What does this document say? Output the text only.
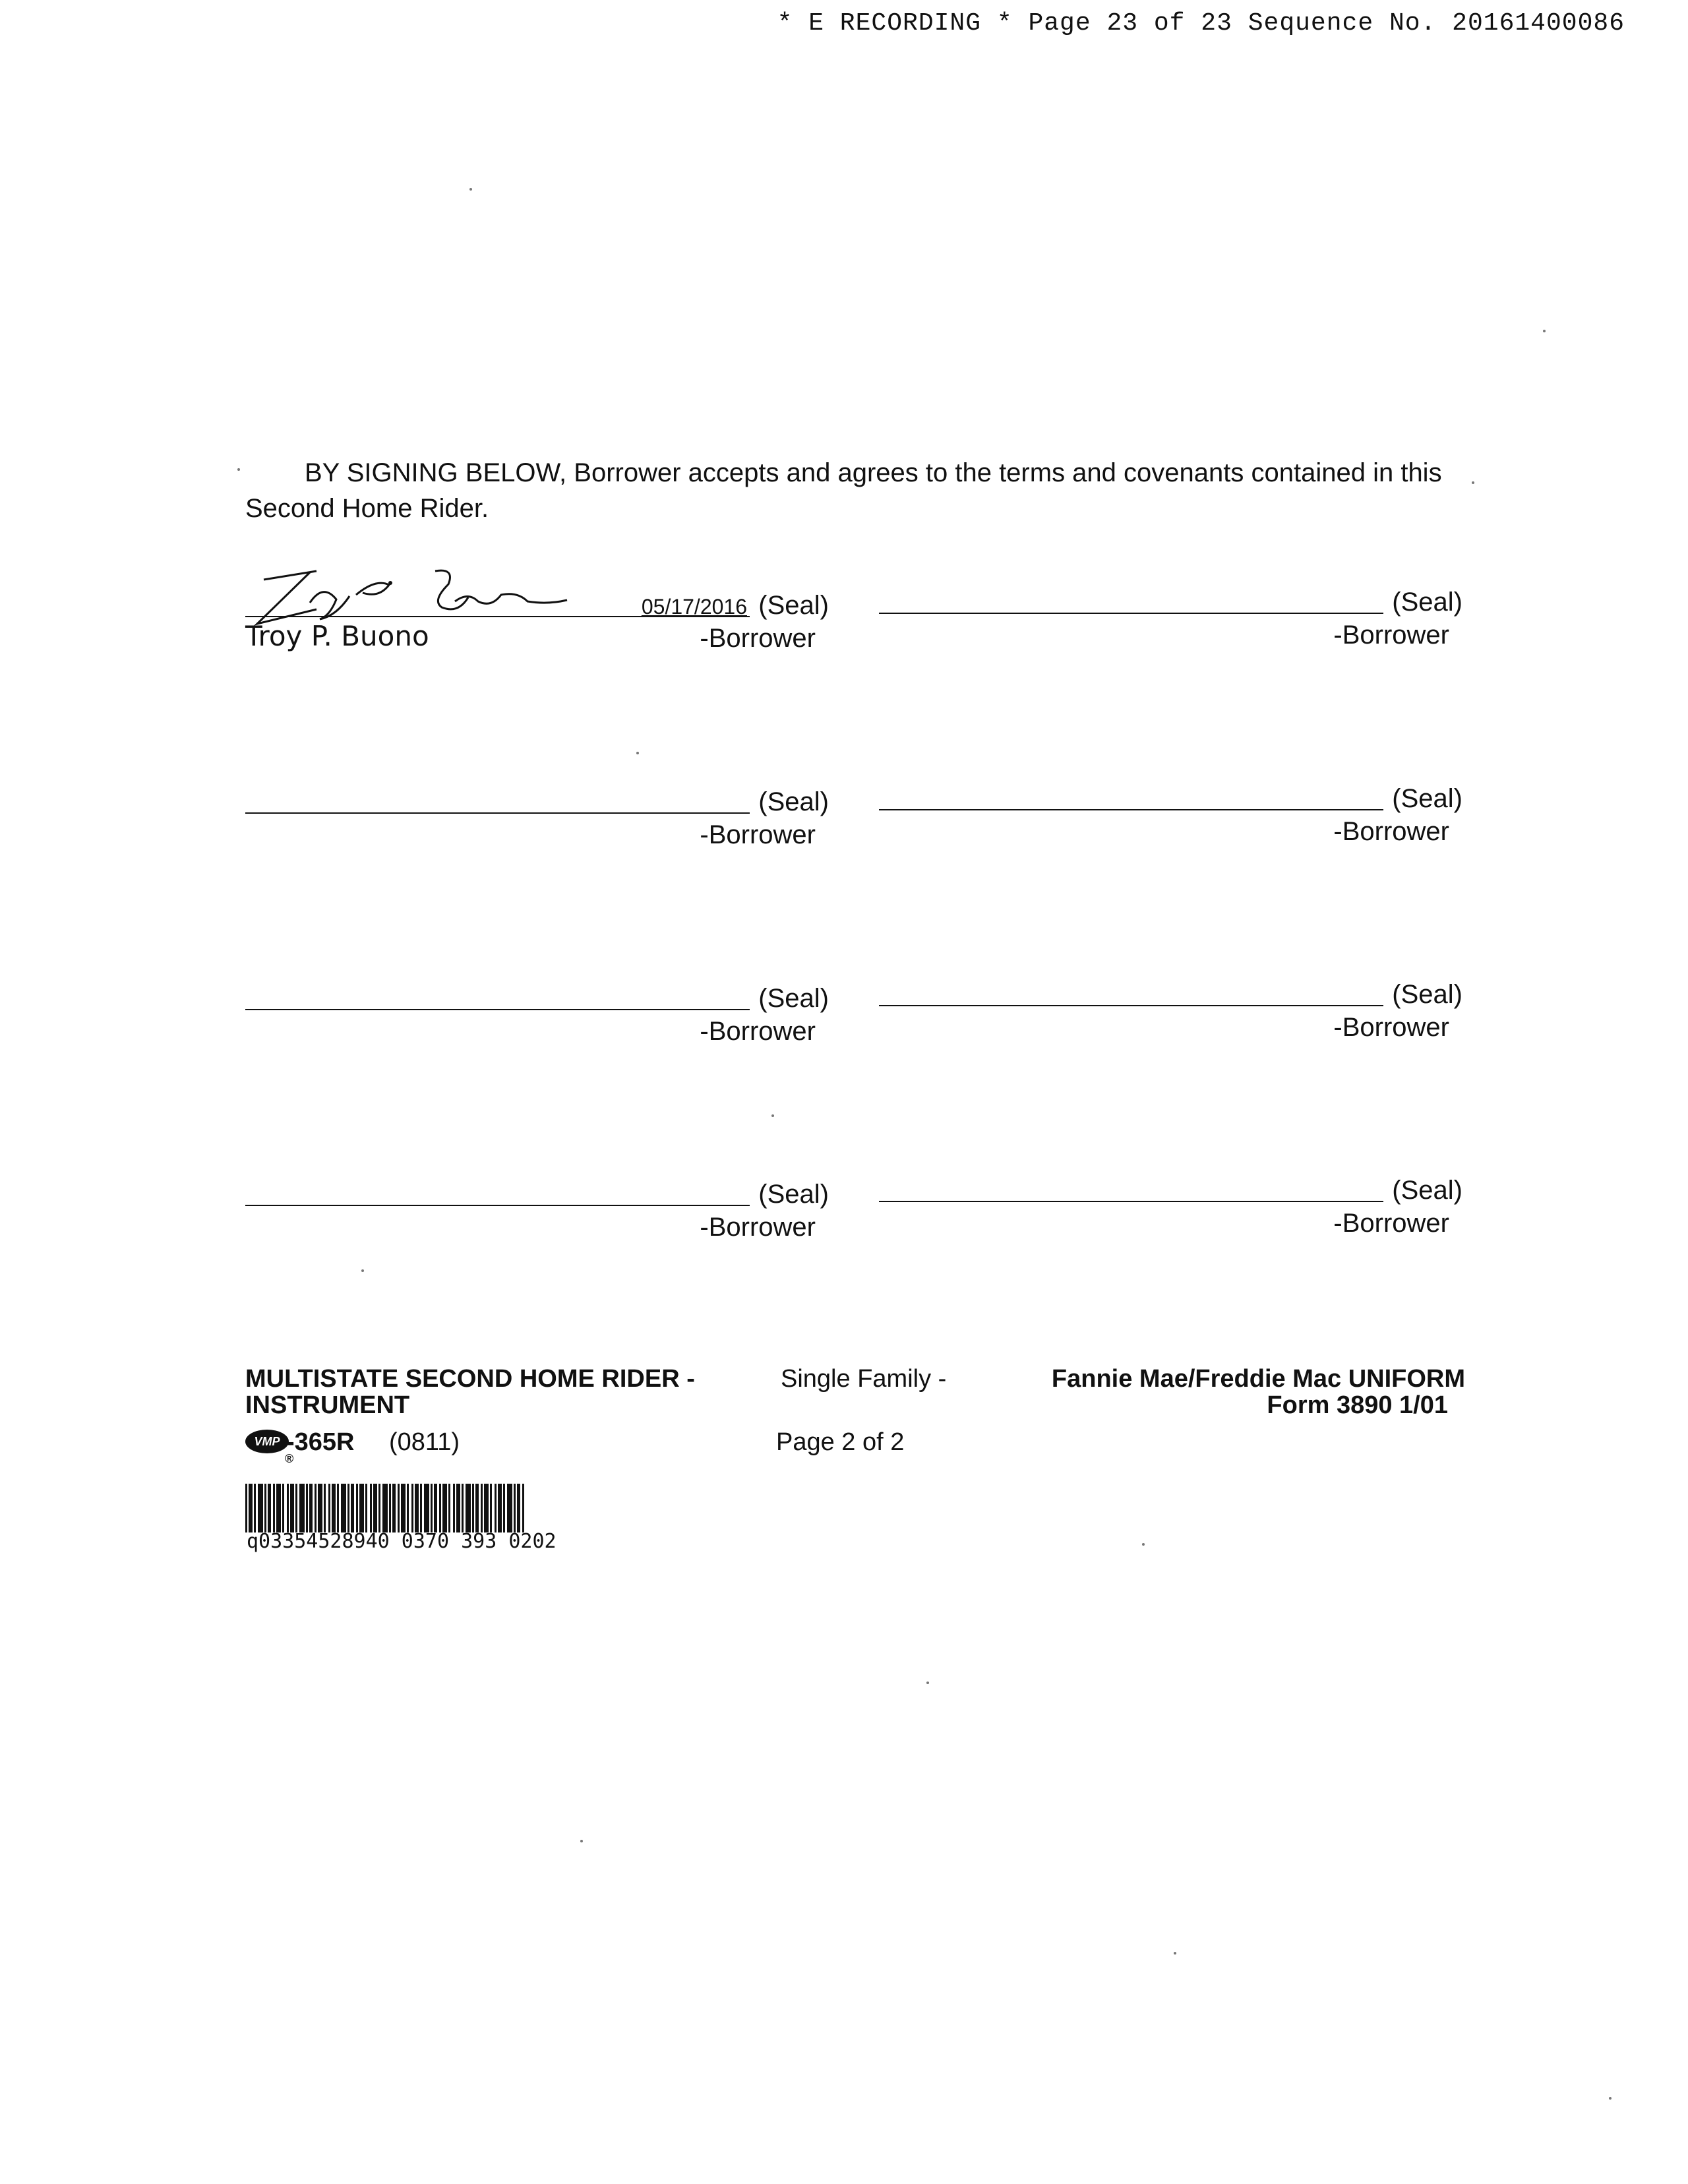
* E RECORDING * Page 23 of 23 Sequence No. 20161400086
BY SIGNING BELOW, Borrower accepts and agrees to the terms and covenants contained in this Second Home Rider.
05/17/2016 (Seal)
Troy P. Buono	-Borrower
(Seal)
-Borrower
(Seal)
-Borrower
(Seal)
-Borrower
(Seal)
-Borrower
(Seal)
-Borrower
(Seal)
-Borrower
(Seal)
-Borrower
MULTISTATE SECOND HOME RIDER -	Single Family -	Fannie Mae/Freddie Mac UNIFORM
INSTRUMENT	Form 3890 1/01
VMP
®
-365R (0811)	Page 2 of 2
q03354528940 0370 393 0202
